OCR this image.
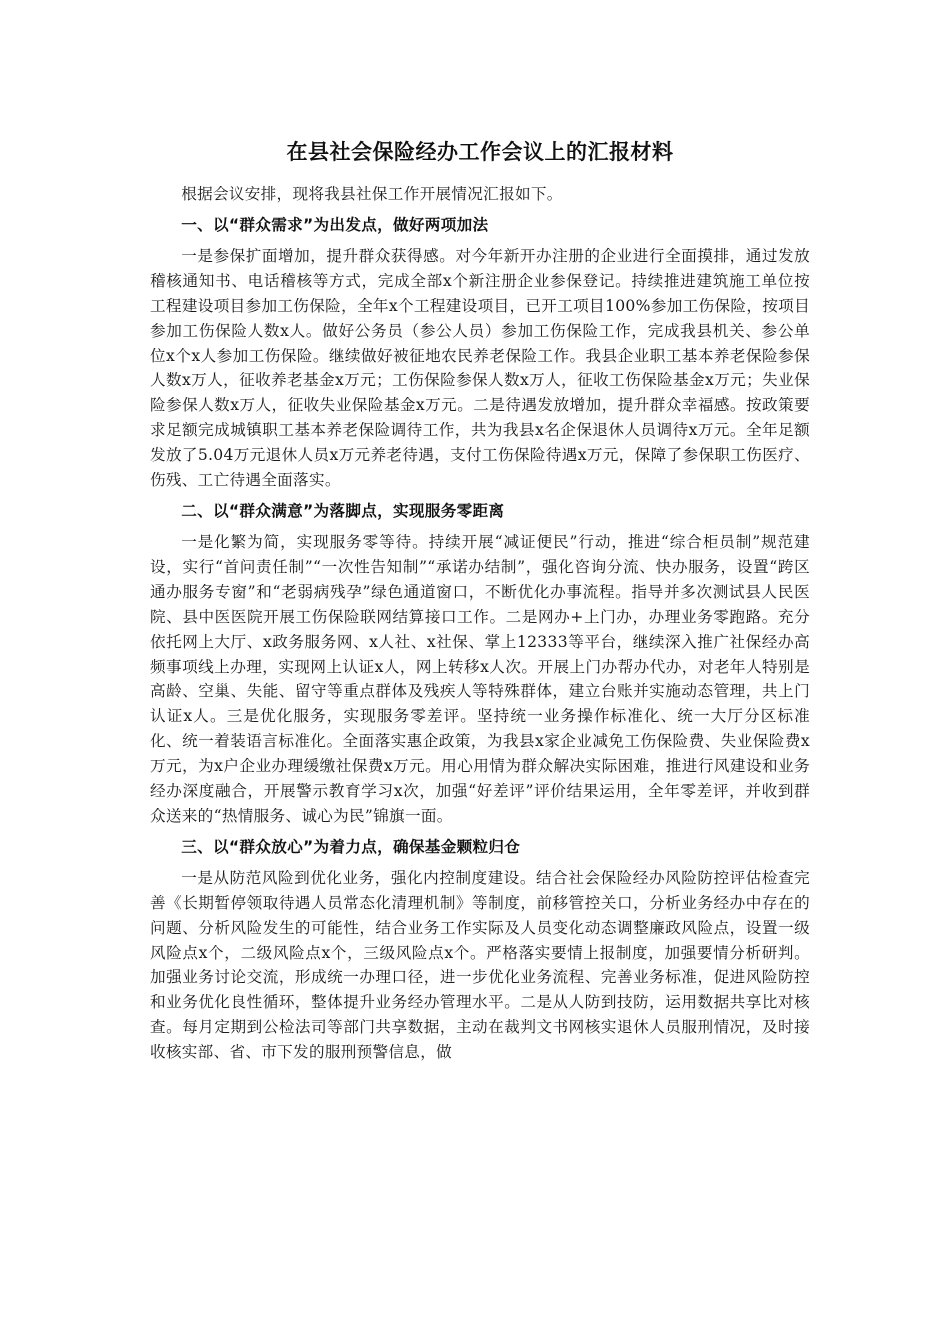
在县社会保险经办工作会议上的汇报材料

根据会议安排，现将我县社保工作开展情况汇报如下。

一、以“群众需求”为出发点，做好两项加法

一是参保扩面增加，提升群众获得感。对今年新开办注册的企业进行全面摸排，通过发放稽核通知书、电话稽核等方式，完成全部x个新注册企业参保登记。持续推进建筑施工单位按工程建设项目参加工伤保险，全年x个工程建设项目，已开工项目100%参加工伤保险，按项目参加工伤保险人数x人。做好公务员（参公人员）参加工伤保险工作，完成我县机关、参公单位x个x人参加工伤保险。继续做好被征地农民养老保险工作。我县企业职工基本养老保险参保人数x万人，征收养老基金x万元；工伤保险参保人数x万人，征收工伤保险基金x万元；失业保险参保人数x万人，征收失业保险基金x万元。二是待遇发放增加，提升群众幸福感。按政策要求足额完成城镇职工基本养老保险调待工作，共为我县x名企保退休人员调待x万元。全年足额发放了5.04万元退休人员x万元养老待遇，支付工伤保险待遇x万元，保障了参保职工伤医疗、伤残、工亡待遇全面落实。

二、以“群众满意”为落脚点，实现服务零距离

一是化繁为简，实现服务零等待。持续开展“减证便民”行动，推进“综合柜员制”规范建设，实行“首问责任制”“一次性告知制”“承诺办结制”，强化咨询分流、快办服务，设置“跨区通办服务专窗”和“老弱病残孕”绿色通道窗口，不断优化办事流程。指导并多次测试县人民医院、县中医医院开展工伤保险联网结算接口工作。二是网办+上门办，办理业务零跑路。充分依托网上大厅、x政务服务网、x人社、x社保、掌上12333等平台，继续深入推广社保经办高频事项线上办理，实现网上认证x人，网上转移x人次。开展上门办帮办代办，对老年人特别是高龄、空巢、失能、留守等重点群体及残疾人等特殊群体，建立台账并实施动态管理，共上门认证x人。三是优化服务，实现服务零差评。坚持统一业务操作标准化、统一大厅分区标准化、统一着装语言标准化。全面落实惠企政策，为我县x家企业减免工伤保险费、失业保险费x万元，为x户企业办理缓缴社保费x万元。用心用情为群众解决实际困难，推进行风建设和业务经办深度融合，开展警示教育学习x次，加强“好差评”评价结果运用，全年零差评，并收到群众送来的“热情服务、诚心为民”锦旗一面。

三、以“群众放心”为着力点，确保基金颗粒归仓

一是从防范风险到优化业务，强化内控制度建设。结合社会保险经办风险防控评估检查完善《长期暂停领取待遇人员常态化清理机制》等制度，前移管控关口，分析业务经办中存在的问题、分析风险发生的可能性，结合业务工作实际及人员变化动态调整廉政风险点，设置一级风险点x个，二级风险点x个，三级风险点x个。严格落实要情上报制度，加强要情分析研判。加强业务讨论交流，形成统一办理口径，进一步优化业务流程、完善业务标准，促进风险防控和业务优化良性循环，整体提升业务经办管理水平。二是从人防到技防，运用数据共享比对核查。每月定期到公检法司等部门共享数据，主动在裁判文书网核实退休人员服刑情况，及时接收核实部、省、市下发的服刑预警信息，做
